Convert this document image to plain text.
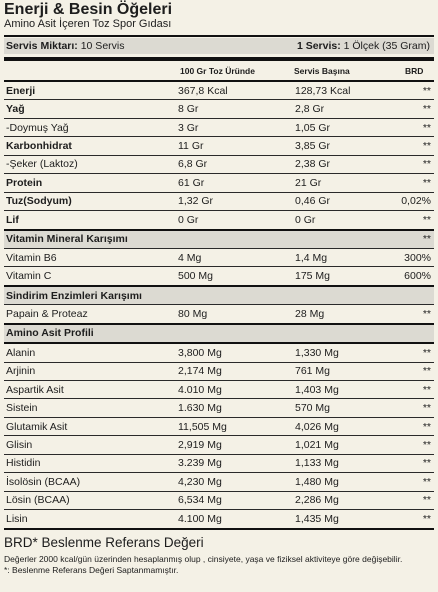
Enerji & Besin Öğeleri
Amino Asit İçeren Toz Spor Gıdası
Servis Miktarı: 10 Servis	1 Servis: 1 Ölçek (35 Gram)
100 Gr Toz Üründe	Servis Başına	BRD
Enerji	367,8 Kcal	128,73 Kcal	**
Yağ	8 Gr	2,8 Gr	**
-Doymuş Yağ	3 Gr	1,05 Gr	**
Karbonhidrat	11 Gr	3,85 Gr	**
-Şeker (Laktoz)	6,8 Gr	2,38 Gr	**
Protein	61 Gr	21 Gr	**
Tuz(Sodyum)	1,32 Gr	0,46 Gr	0,02%
Lif	0 Gr	0 Gr	**
Vitamin Mineral Karışımı			**
Vitamin B6	4 Mg	1,4 Mg	300%
Vitamin C	500 Mg	175 Mg	600%
Sindirim Enzimleri Karışımı			
Papain & Proteaz	80 Mg	28 Mg	**
Amino Asit Profili			
Alanin	3,800 Mg	1,330 Mg	**
Arjinin	2,174 Mg	761 Mg	**
Aspartik Asit	4.010 Mg	1,403 Mg	**
Sistein	1.630 Mg	570 Mg	**
Glutamik Asit	11,505 Mg	4,026 Mg	**
Glisin	2,919 Mg	1,021 Mg	**
Histidin	3.239 Mg	1,133 Mg	**
İsolösin (BCAA)	4,230 Mg	1,480 Mg	**
Lösin (BCAA)	6,534 Mg	2,286 Mg	**
Lisin	4.100 Mg	1,435 Mg	**
BRD* Beslenme Referans Değeri
Değerler 2000 kcal/gün üzerinden hesaplanmış olup , cinsiyete, yaşa ve fiziksel aktiviteye göre değişebilir.
*: Beslenme Referans Değeri Saptanmamıştır.
